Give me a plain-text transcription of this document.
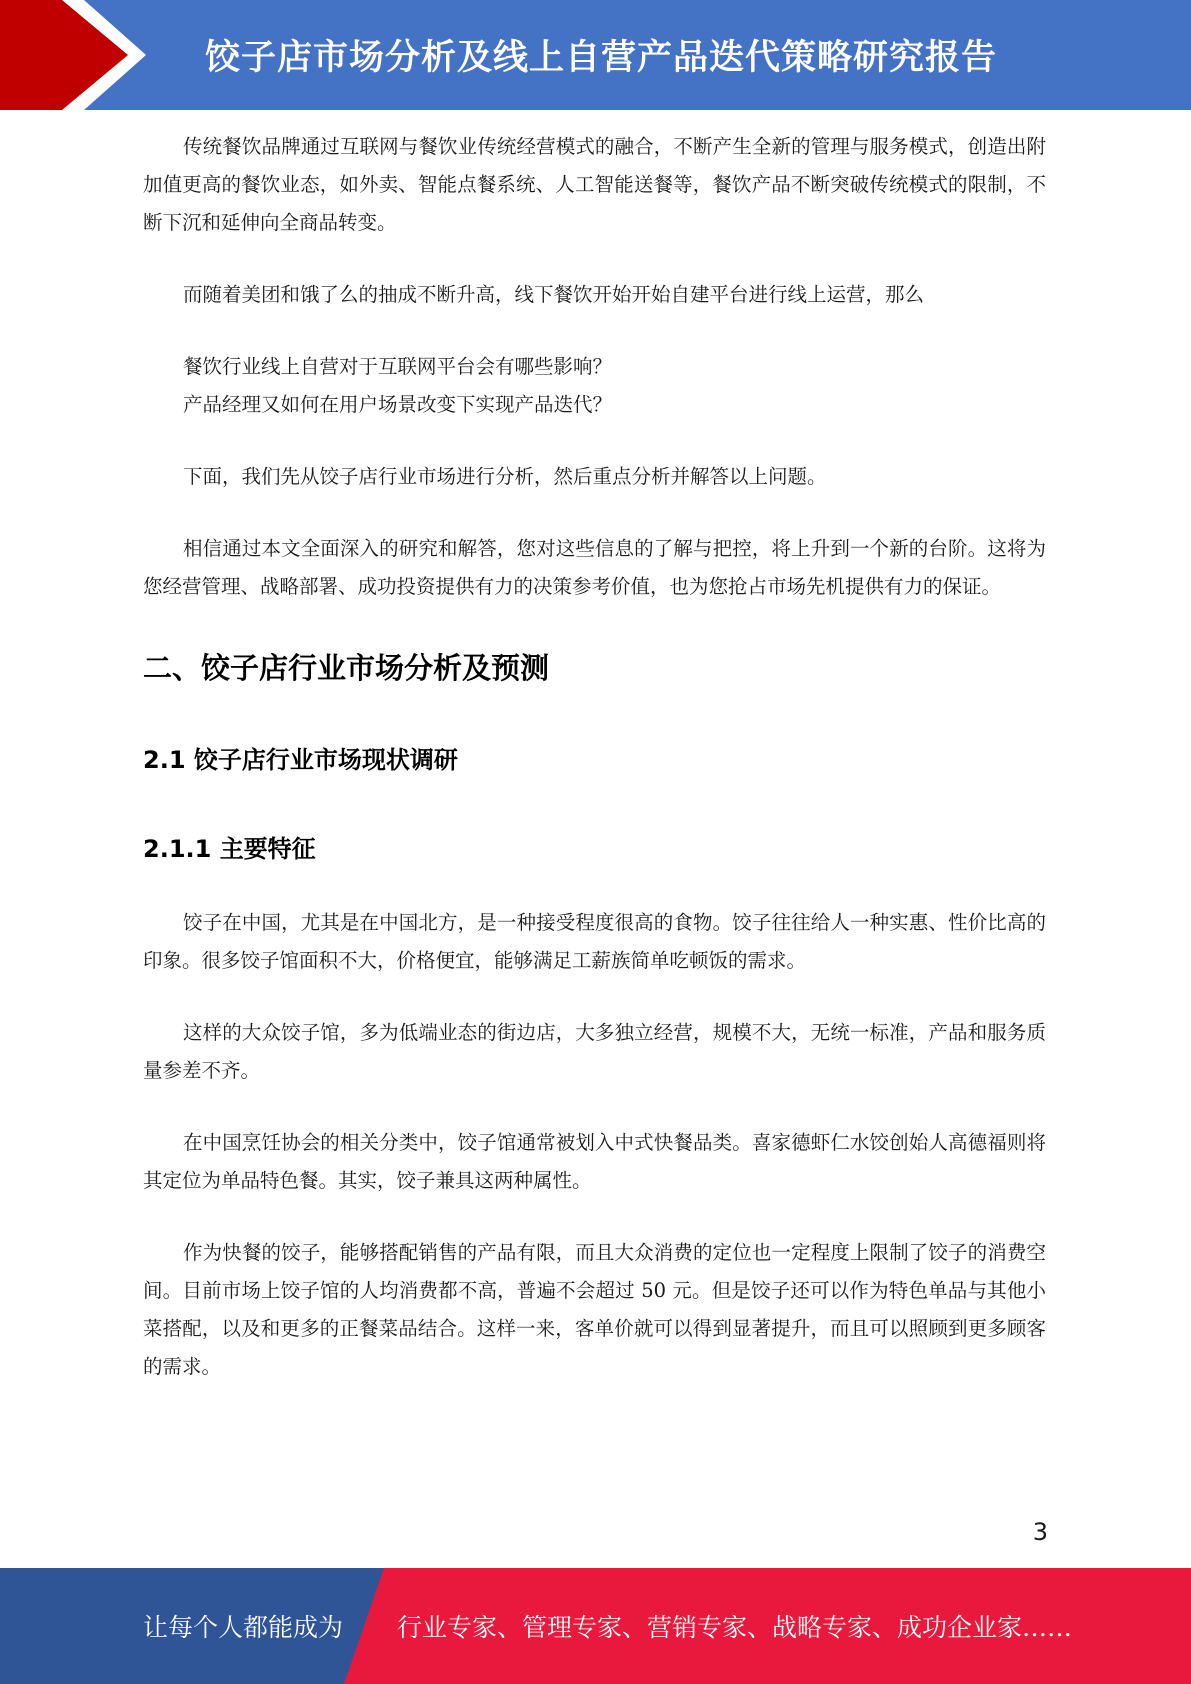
饺子店市场分析及线上自营产品迭代策略研究报告

传统餐饮品牌通过互联网与餐饮业传统经营模式的融合，不断产生全新的管理与服务模式，创造出附加值更高的餐饮业态，如外卖、智能点餐系统、人工智能送餐等，餐饮产品不断突破传统模式的限制，不断下沉和延伸向全商品转变。

而随着美团和饿了么的抽成不断升高，线下餐饮开始开始自建平台进行线上运营，那么

餐饮行业线上自营对于互联网平台会有哪些影响？

产品经理又如何在用户场景改变下实现产品迭代？

下面，我们先从饺子店行业市场进行分析，然后重点分析并解答以上问题。

相信通过本文全面深入的研究和解答，您对这些信息的了解与把控，将上升到一个新的台阶。这将为您经营管理、战略部署、成功投资提供有力的决策参考价值，也为您抢占市场先机提供有力的保证。

二、饺子店行业市场分析及预测
2.1 饺子店行业市场现状调研
2.1.1 主要特征

饺子在中国，尤其是在中国北方，是一种接受程度很高的食物。饺子往往给人一种实惠、性价比高的印象。很多饺子馆面积不大，价格便宜，能够满足工薪族简单吃顿饭的需求。

这样的大众饺子馆，多为低端业态的街边店，大多独立经营，规模不大，无统一标准，产品和服务质量参差不齐。

在中国烹饪协会的相关分类中，饺子馆通常被划入中式快餐品类。喜家德虾仁水饺创始人高德福则将其定位为单品特色餐。其实，饺子兼具这两种属性。

作为快餐的饺子，能够搭配销售的产品有限，而且大众消费的定位也一定程度上限制了饺子的消费空间。目前市场上饺子馆的人均消费都不高，普遍不会超过 50 元。但是饺子还可以作为特色单品与其他小菜搭配，以及和更多的正餐菜品结合。这样一来，客单价就可以得到显著提升，而且可以照顾到更多顾客的需求。

3
让每个人都能成为 行业专家、管理专家、营销专家、战略专家、成功企业家……
